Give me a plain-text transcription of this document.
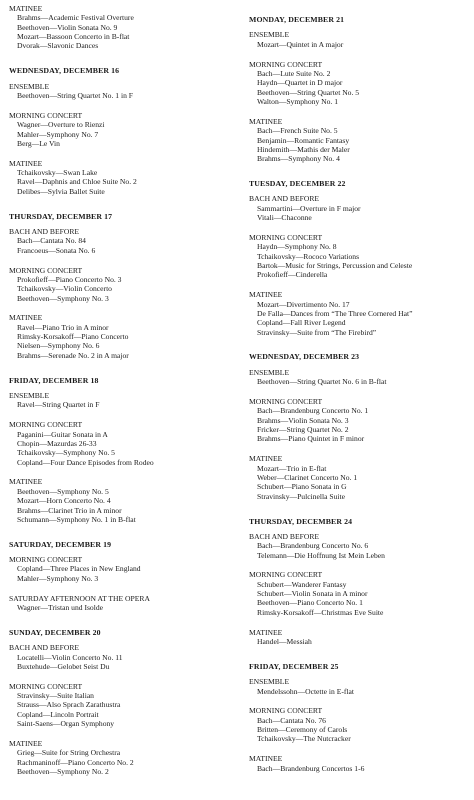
MATINEE
Brahms—Academic Festival Overture
Beethoven—Violin Sonata No. 9
Mozart—Bassoon Concerto in B-flat
Dvorak—Slavonic Dances
WEDNESDAY, DECEMBER 16
ENSEMBLE
Beethoven—String Quartet No. 1 in F
MORNING CONCERT
Wagner—Overture to Rienzi
Mahler—Symphony No. 7
Berg—Le Vin
MATINEE
Tchaikovsky—Swan Lake
Ravel—Daphnis and Chloe Suite No. 2
Delibes—Sylvia Ballet Suite
THURSDAY, DECEMBER 17
BACH AND BEFORE
Bach—Cantata No. 84
Francoeus—Sonata No. 6
MORNING CONCERT
Prokofieff—Piano Concerto No. 3
Tchaikovsky—Violin Concerto
Beethoven—Symphony No. 3
MATINEE
Ravel—Piano Trio in A minor
Rimsky-Korsakoff—Piano Concerto
Nielsen—Symphony No. 6
Brahms—Serenade No. 2 in A major
FRIDAY, DECEMBER 18
ENSEMBLE
Ravel—String Quartet in F
MORNING CONCERT
Paganini—Guitar Sonata in A
Chopin—Mazurdas 26-33
Tchaikovsky—Symphony No. 5
Copland—Four Dance Episodes from Rodeo
MATINEE
Beethoven—Symphony No. 5
Mozart—Horn Concerto No. 4
Brahms—Clarinet Trio in A minor
Schumann—Symphony No. 1 in B-flat
SATURDAY, DECEMBER 19
MORNING CONCERT
Copland—Three Places in New England
Mahler—Symphony No. 3
SATURDAY AFTERNOON AT THE OPERA
Wagner—Tristan und Isolde
SUNDAY, DECEMBER 20
BACH AND BEFORE
Locatelli—Violin Concerto No. 11
Buxtehude—Gelobet Seist Du
MORNING CONCERT
Stravinsky—Suite Italian
Strauss—Also Sprach Zarathustra
Copland—Lincoln Portrait
Saint-Saens—Organ Symphony
MATINEE
Grieg—Suite for String Orchestra
Rachmaninoff—Piano Concerto No. 2
Beethoven—Symphony No. 2
MONDAY, DECEMBER 21
ENSEMBLE
Mozart—Quintet in A major
MORNING CONCERT
Bach—Lute Suite No. 2
Haydn—Quartet in D major
Beethoven—String Quartet No. 5
Walton—Symphony No. 1
MATINEE
Bach—French Suite No. 5
Benjamin—Romantic Fantasy
Hindemith—Mathis der Maler
Brahms—Symphony No. 4
TUESDAY, DECEMBER 22
BACH AND BEFORE
Sammartini—Overture in F major
Vitali—Chaconne
MORNING CONCERT
Haydn—Symphony No. 8
Tchaikovsky—Rococo Variations
Bartok—Music for Strings, Percussion and Celeste
Prokofieff—Cinderella
MATINEE
Mozart—Divertimento No. 17
De Falla—Dances from “The Three Cornered Hat”
Copland—Fall River Legend
Stravinsky—Suite from “The Firebird”
WEDNESDAY, DECEMBER 23
ENSEMBLE
Beethoven—String Quartet No. 6 in B-flat
MORNING CONCERT
Bach—Brandenburg Concerto No. 1
Brahms—Violin Sonata No. 3
Fricker—String Quartet No. 2
Brahms—Piano Quintet in F minor
MATINEE
Mozart—Trio in E-flat
Weber—Clarinet Concerto No. 1
Schubert—Piano Sonata in G
Stravinsky—Pulcinella Suite
THURSDAY, DECEMBER 24
BACH AND BEFORE
Bach—Brandenburg Concerto No. 6
Telemann—Die Hoffnung Ist Mein Leben
MORNING CONCERT
Schubert—Wanderer Fantasy
Schubert—Violin Sonata in A minor
Beethoven—Piano Concerto No. 1
Rimsky-Korsakoff—Christmas Eve Suite
MATINEE
Handel—Messiah
FRIDAY, DECEMBER 25
ENSEMBLE
Mendelssohn—Octette in E-flat
MORNING CONCERT
Bach—Cantata No. 76
Britten—Ceremony of Carols
Tchaikovsky—The Nutcracker
MATINEE
Bach—Brandenburg Concertos 1-6
